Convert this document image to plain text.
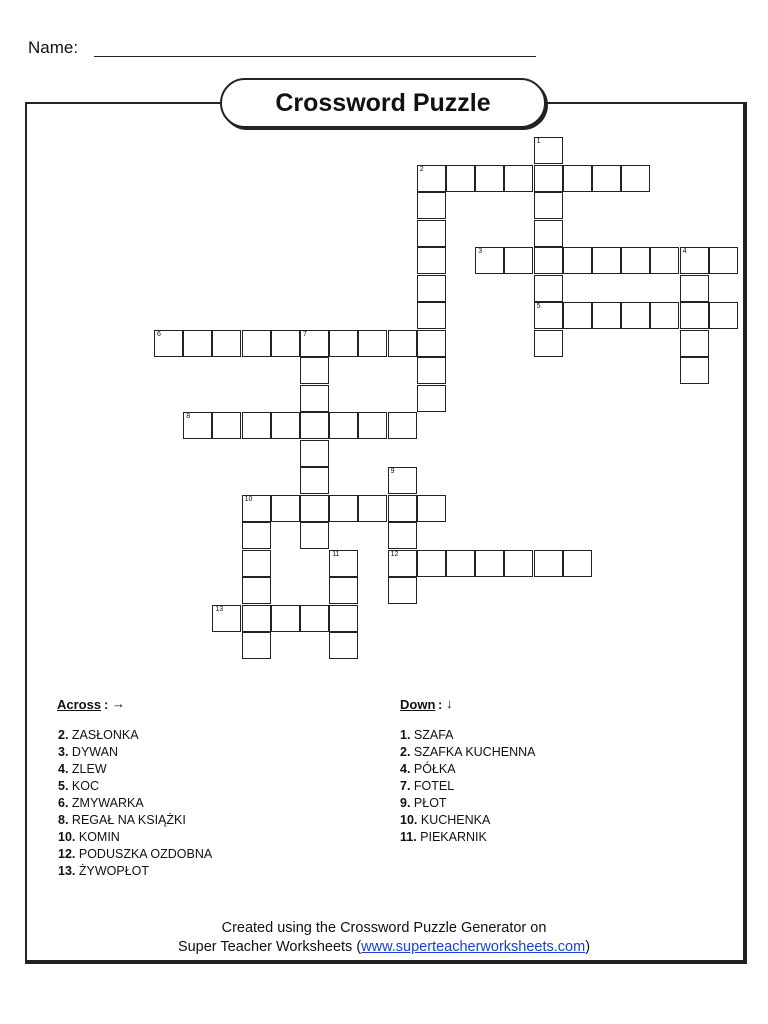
Name:
Crossword Puzzle
1
5
2
3	4
6	7
8
9
12
10
11
13
Across : →
2. ZASŁONKA
3. DYWAN
4. ZLEW
5. KOC
6. ZMYWARKA
8. REGAŁ NA KSIĄŻKI
10. KOMIN
12. PODUSZKA OZDOBNA
13. ŻYWOPŁOT
Down : ↓
1. SZAFA
2. SZAFKA KUCHENNA
4. PÓŁKA
7. FOTEL
9. PŁOT
10. KUCHENKA
11. PIEKARNIK
Created using the Crossword Puzzle Generator on
Super Teacher Worksheets (www.superteacherworksheets.com)
